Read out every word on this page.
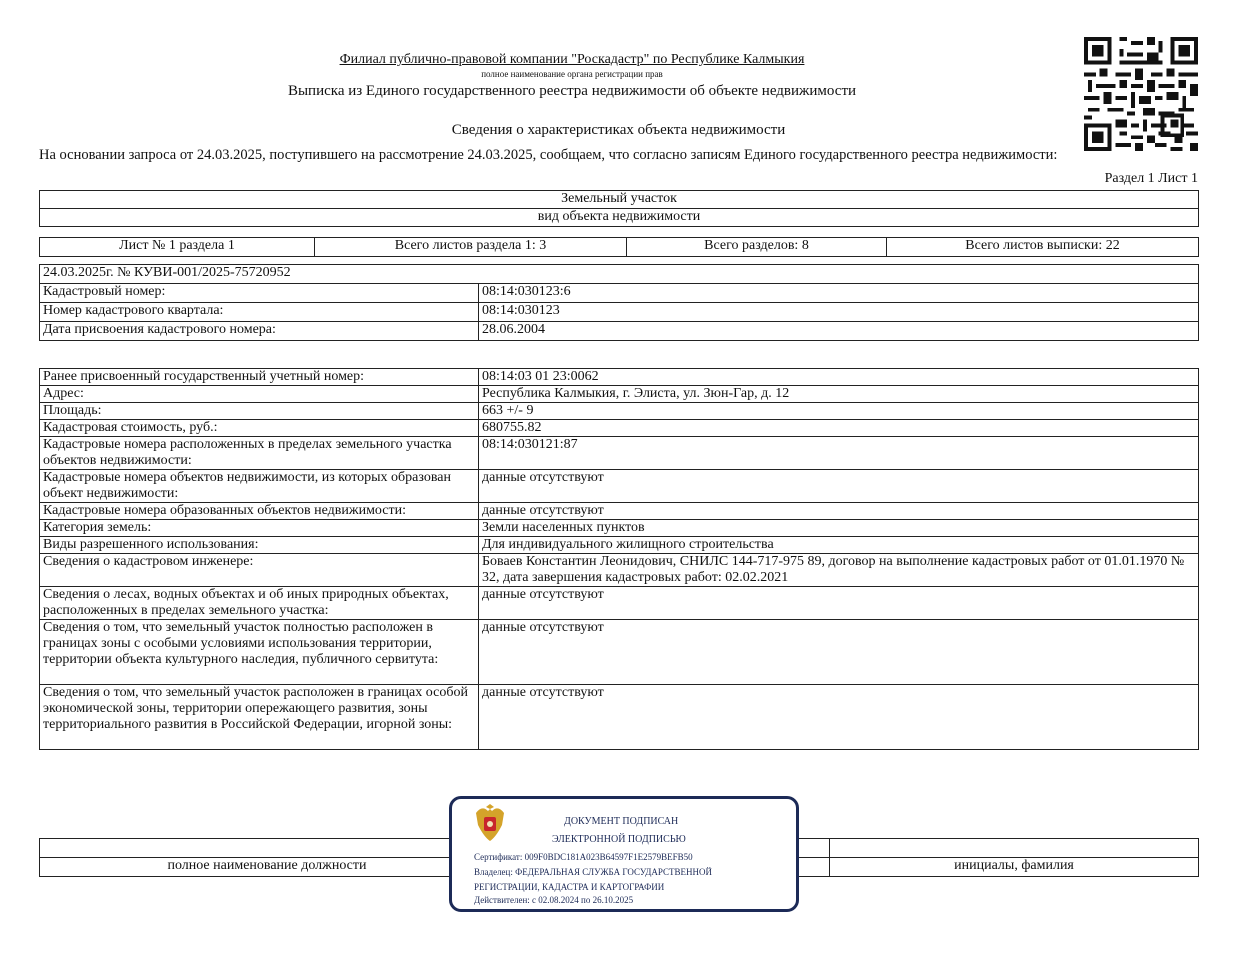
Филиал публично-правовой компании "Роскадастр" по Республике Калмыкия
полное наименование органа регистрации прав
Выписка из Единого государственного реестра недвижимости об объекте недвижимости
Сведения о характеристиках объекта недвижимости
На основании запроса от 24.03.2025, поступившего на рассмотрение 24.03.2025, сообщаем, что согласно записям Единого государственного реестра недвижимости:
Раздел 1 Лист 1
Земельный участок
вид объекта недвижимости
Лист № 1 раздела 1	Всего листов раздела 1: 3	Всего разделов: 8	Всего листов выписки: 22
24.03.2025г. № КУВИ-001/2025-75720952	
Кадастровый номер:	08:14:030123:6
Номер кадастрового квартала:	08:14:030123
Дата присвоения кадастрового номера:	28.06.2004
Ранее присвоенный государственный учетный номер:	08:14:03 01 23:0062
Адрес:	Республика Калмыкия, г. Элиста, ул. Зюн-Гар, д. 12
Площадь:	663 +/- 9
Кадастровая стоимость, руб.:	680755.82
Кадастровые номера расположенных в пределах земельного участка объектов недвижимости:	08:14:030121:87
Кадастровые номера объектов недвижимости, из которых образован объект недвижимости:	данные отсутствуют
Кадастровые номера образованных объектов недвижимости:	данные отсутствуют
Категория земель:	Земли населенных пунктов
Виды разрешенного использования:	Для индивидуального жилищного строительства
Сведения о кадастровом инженере:	Боваев Константин Леонидович, СНИЛС 144-717-975 89, договор на выполнение кадастровых работ от 01.01.1970 № 32, дата завершения кадастровых работ: 02.02.2021
Сведения о лесах, водных объектах и об иных природных объектах, расположенных в пределах земельного участка:	данные отсутствуют
Сведения о том, что земельный участок полностью расположен в границах зоны с особыми условиями использования территории, территории объекта культурного наследия, публичного сервитута:	данные отсутствуют
Сведения о том, что земельный участок расположен в границах особой экономической зоны, территории опережающего развития, зоны территориального развития в Российской Федерации, игорной зоны:	данные отсутствуют

полное наименование должности		инициалы, фамилия
ДОКУМЕНТ ПОДПИСАН
ЭЛЕКТРОННОЙ ПОДПИСЬЮ
Сертификат: 009F0BDC181A023B64597F1E2579BEFB50
Владелец: ФЕДЕРАЛЬНАЯ СЛУЖБА ГОСУДАРСТВЕННОЙ
РЕГИСТРАЦИИ, КАДАСТРА И КАРТОГРАФИИ
Действителен: с 02.08.2024 по 26.10.2025
